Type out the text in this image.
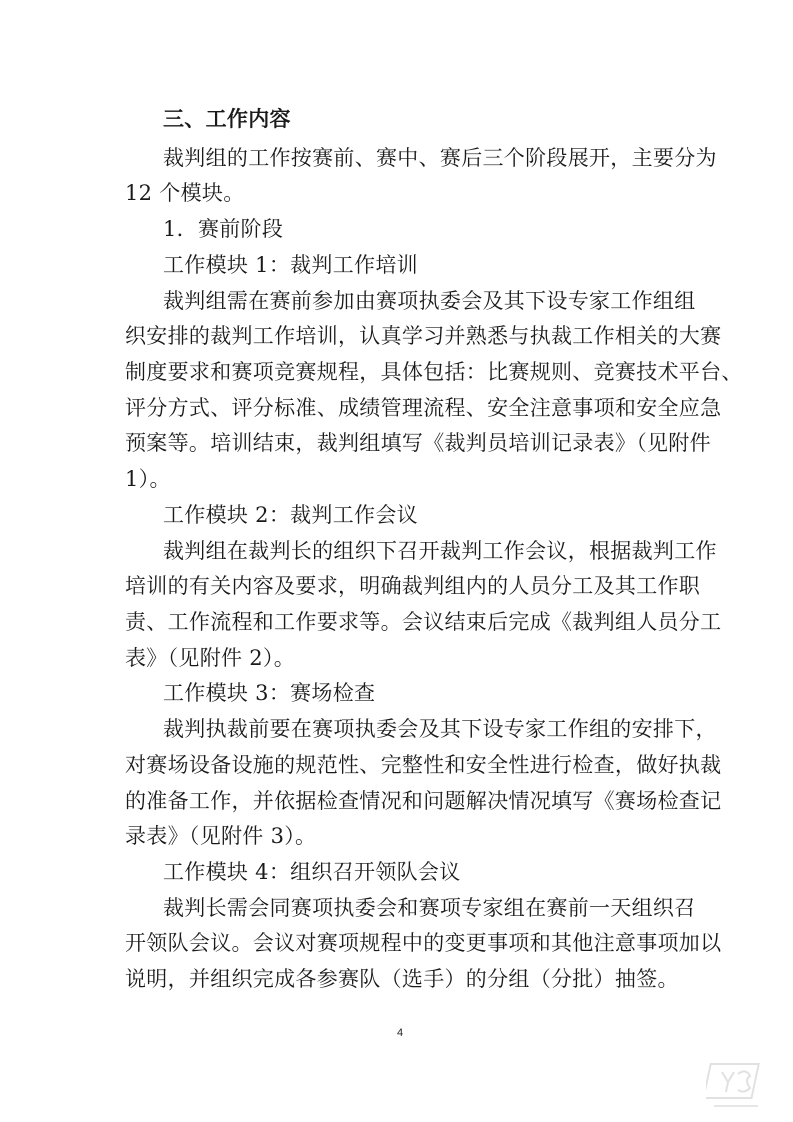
三、工作内容
裁判组的工作按赛前、赛中、赛后三个阶段展开，主要分为
12 个模块。
1．赛前阶段
工作模块 1：裁判工作培训
裁判组需在赛前参加由赛项执委会及其下设专家工作组组
织安排的裁判工作培训，认真学习并熟悉与执裁工作相关的大赛
制度要求和赛项竞赛规程，具体包括：比赛规则、竞赛技术平台、
评分方式、评分标准、成绩管理流程、安全注意事项和安全应急
预案等。培训结束，裁判组填写《裁判员培训记录表》（见附件
1）。
工作模块 2：裁判工作会议
裁判组在裁判长的组织下召开裁判工作会议，根据裁判工作
培训的有关内容及要求，明确裁判组内的人员分工及其工作职
责、工作流程和工作要求等。会议结束后完成《裁判组人员分工
表》（见附件 2）。
工作模块 3：赛场检查
裁判执裁前要在赛项执委会及其下设专家工作组的安排下，
对赛场设备设施的规范性、完整性和安全性进行检查，做好执裁
的准备工作，并依据检查情况和问题解决情况填写《赛场检查记
录表》（见附件 3）。
工作模块 4：组织召开领队会议
裁判长需会同赛项执委会和赛项专家组在赛前一天组织召
开领队会议。会议对赛项规程中的变更事项和其他注意事项加以
说明，并组织完成各参赛队（选手）的分组（分批）抽签。
4
